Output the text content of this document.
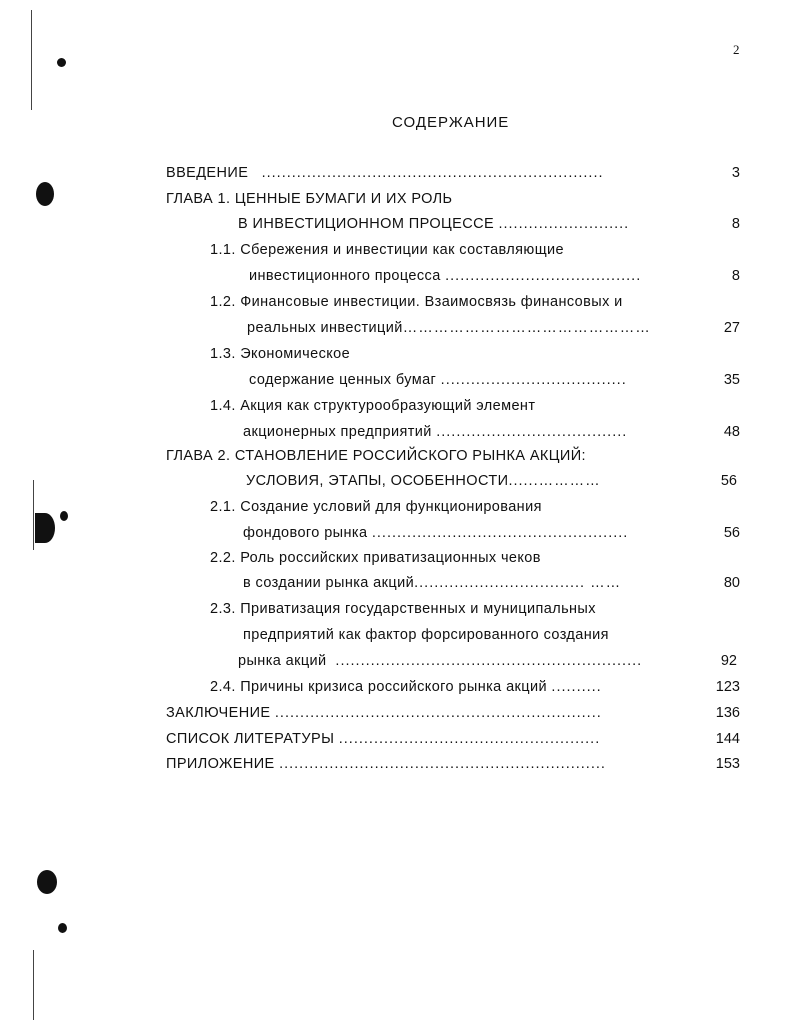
2
СОДЕРЖАНИЕ
ВВЕДЕНИЕ ....................................................................	3
ГЛАВА 1. ЦЕННЫЕ БУМАГИ И ИХ РОЛЬ
В ИНВЕСТИЦИОННОМ ПРОЦЕССЕ ..........................	8
1.1. Сбережения и инвестиции как составляющие
инвестиционного процесса .......................................	8
1.2. Финансовые инвестиции. Взаимосвязь финансовых и
реальных инвестиций…………………………………………	27
1.3. Экономическое
содержание ценных бумаг .....................................	35
1.4. Акция как структурообразующий элемент
акционерных предприятий ......................................	48
ГЛАВА 2. СТАНОВЛЕНИЕ РОССИЙСКОГО РЫНКА АКЦИЙ:
УСЛОВИЯ, ЭТАПЫ, ОСОБЕННОСТИ......…………	56
2.1. Создание условий для функционирования
фондового рынка ...................................................	56
2.2. Роль российских приватизационных чеков
в создании рынка акций.................................. ……	80
2.3. Приватизация государственных и муниципальных
предприятий как фактор форсированного создания
рынка акций .............................................................	92
2.4. Причины кризиса российского рынка акций ..........	123
ЗАКЛЮЧЕНИЕ .................................................................	136
СПИСОК ЛИТЕРАТУРЫ ....................................................	144
ПРИЛОЖЕНИЕ .................................................................	153
